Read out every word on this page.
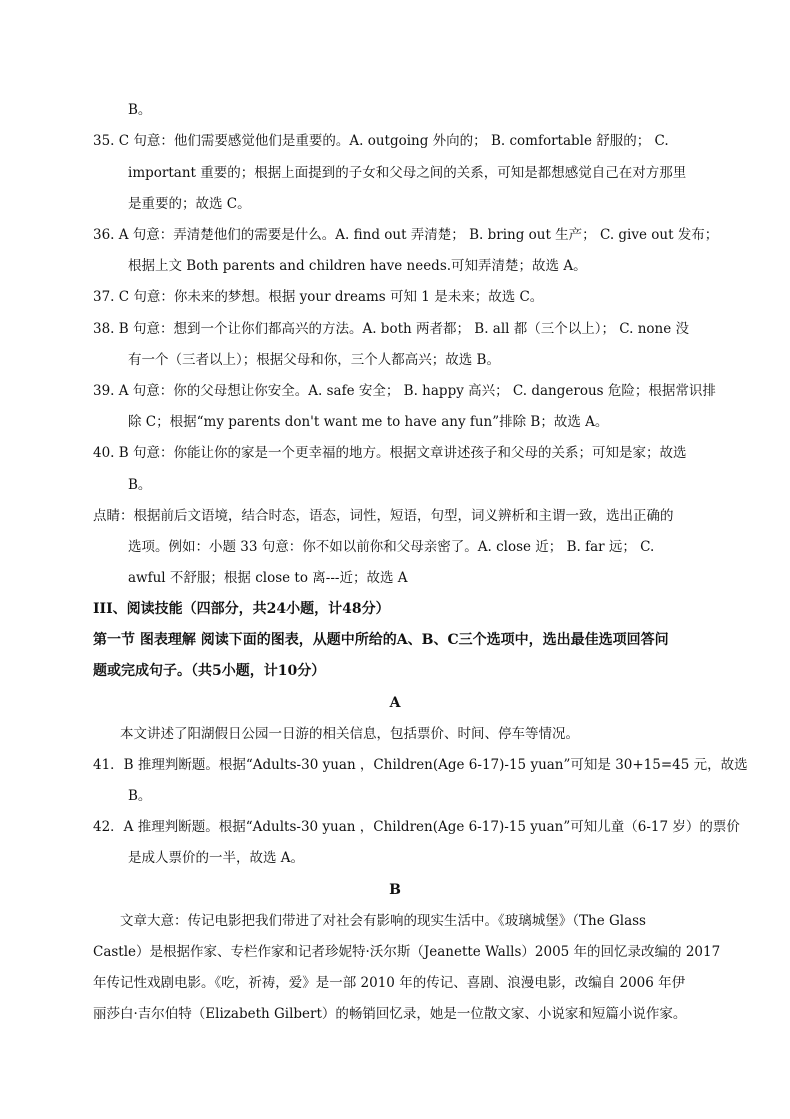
B。
35. C 句意：他们需要感觉他们是重要的。A. outgoing 外向的； B. comfortable 舒服的； C.
important 重要的；根据上面提到的子女和父母之间的关系，可知是都想感觉自己在对方那里
是重要的；故选 C。
36. A 句意：弄清楚他们的需要是什么。A. find out 弄清楚； B. bring out 生产； C. give out 发布；
根据上文 Both parents and children have needs.可知弄清楚；故选 A。
37. C 句意：你未来的梦想。根据 your dreams 可知 1 是未来；故选 C。
38. B 句意：想到一个让你们都高兴的方法。A. both 两者都； B. all 都（三个以上）； C. none 没
有一个（三者以上）；根据父母和你，三个人都高兴；故选 B。
39. A 句意：你的父母想让你安全。A. safe 安全； B. happy 高兴； C. dangerous 危险；根据常识排
除 C；根据“my parents don't want me to have any fun”排除 B；故选 A。
40. B 句意：你能让你的家是一个更幸福的地方。根据文章讲述孩子和父母的关系；可知是家；故选
B。
点睛：根据前后文语境，结合时态，语态，词性，短语，句型，词义辨析和主谓一致，选出正确的
选项。例如：小题 33 句意：你不如以前你和父母亲密了。A. close 近； B. far 远； C.
awful 不舒服；根据 close to 离---近；故选 A
III、阅读技能（四部分，共24小题，计48分）
第一节 图表理解 阅读下面的图表，从题中所给的A、B、C三个选项中，选出最佳选项回答问
题或完成句子。（共5小题，计10分）
A
本文讲述了阳湖假日公园一日游的相关信息，包括票价、时间、停车等情况。
41．B 推理判断题。根据“Adults-30 yuan ，Children(Age 6-17)-15 yuan”可知是 30+15=45 元，故选
B。
42．A 推理判断题。根据“Adults-30 yuan ，Children(Age 6-17)-15 yuan”可知儿童（6-17 岁）的票价
是成人票价的一半，故选 A。
B
文章大意：传记电影把我们带进了对社会有影响的现实生活中。《玻璃城堡》（The Glass
Castle）是根据作家、专栏作家和记者珍妮特·沃尔斯（Jeanette Walls）2005 年的回忆录改编的 2017
年传记性戏剧电影。《吃，祈祷，爱》是一部 2010 年的传记、喜剧、浪漫电影，改编自 2006 年伊
丽莎白·吉尔伯特（Elizabeth Gilbert）的畅销回忆录，她是一位散文家、小说家和短篇小说作家。
